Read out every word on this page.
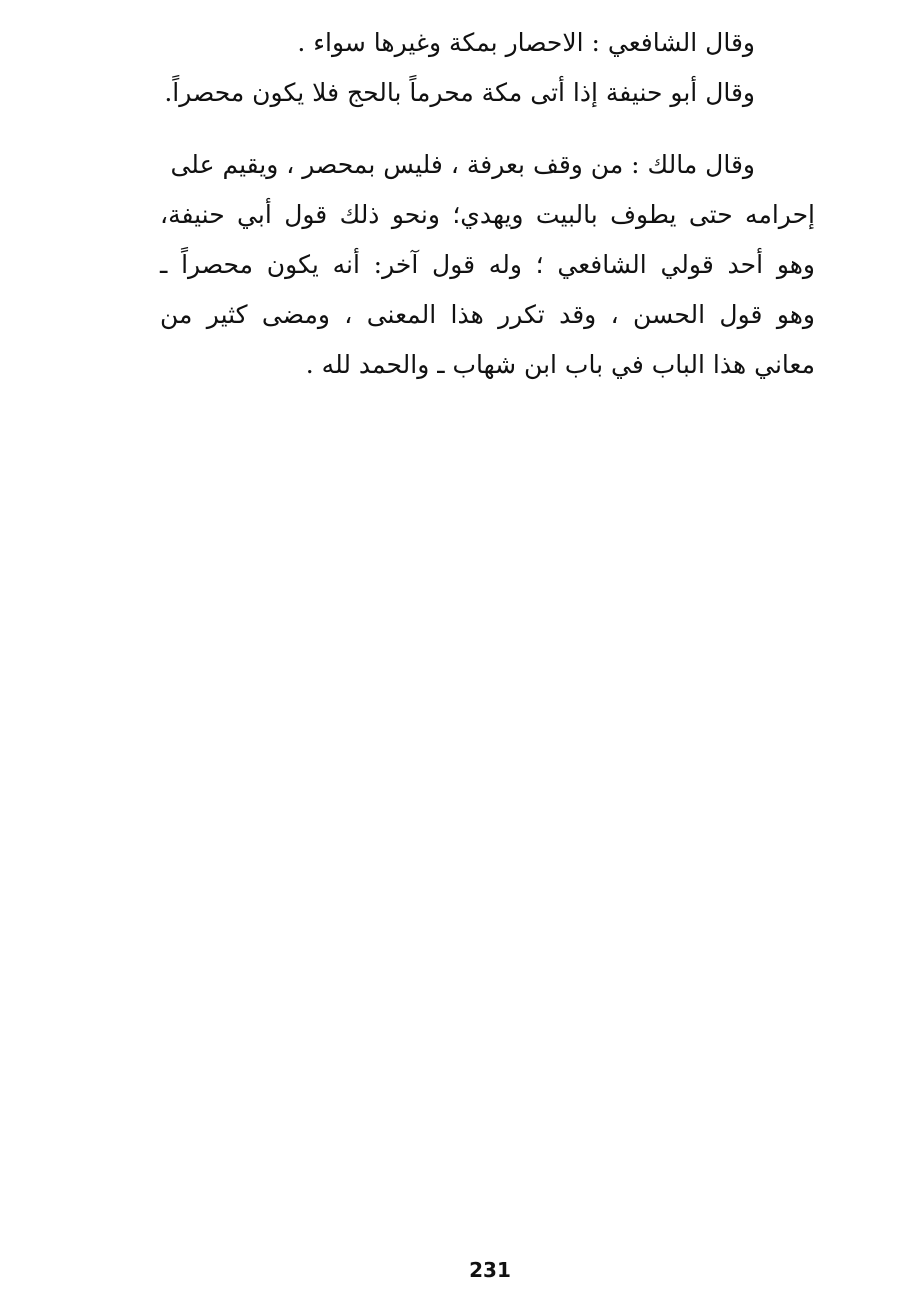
وقال الشافعي : الاحصار بمكة وغيرها سواء .
وقال أبو حنيفة إذا أتى مكة محرماً بالحج فلا يكون محصراً.
وقال مالك : من وقف بعرفة ، فليس بمحصر ، ويقيم على
إحرامه حتى يطوف بالبيت ويهدي؛ ونحو ذلك قول أبي حنيفة،
وهو أحد قولي الشافعي ؛ وله قول آخر: أنه يكون محصراً ـ
وهو قول الحسن ، وقد تكرر هذا المعنى ، ومضى كثير من
معاني هذا الباب في باب ابن شهاب ـ والحمد لله .
231
